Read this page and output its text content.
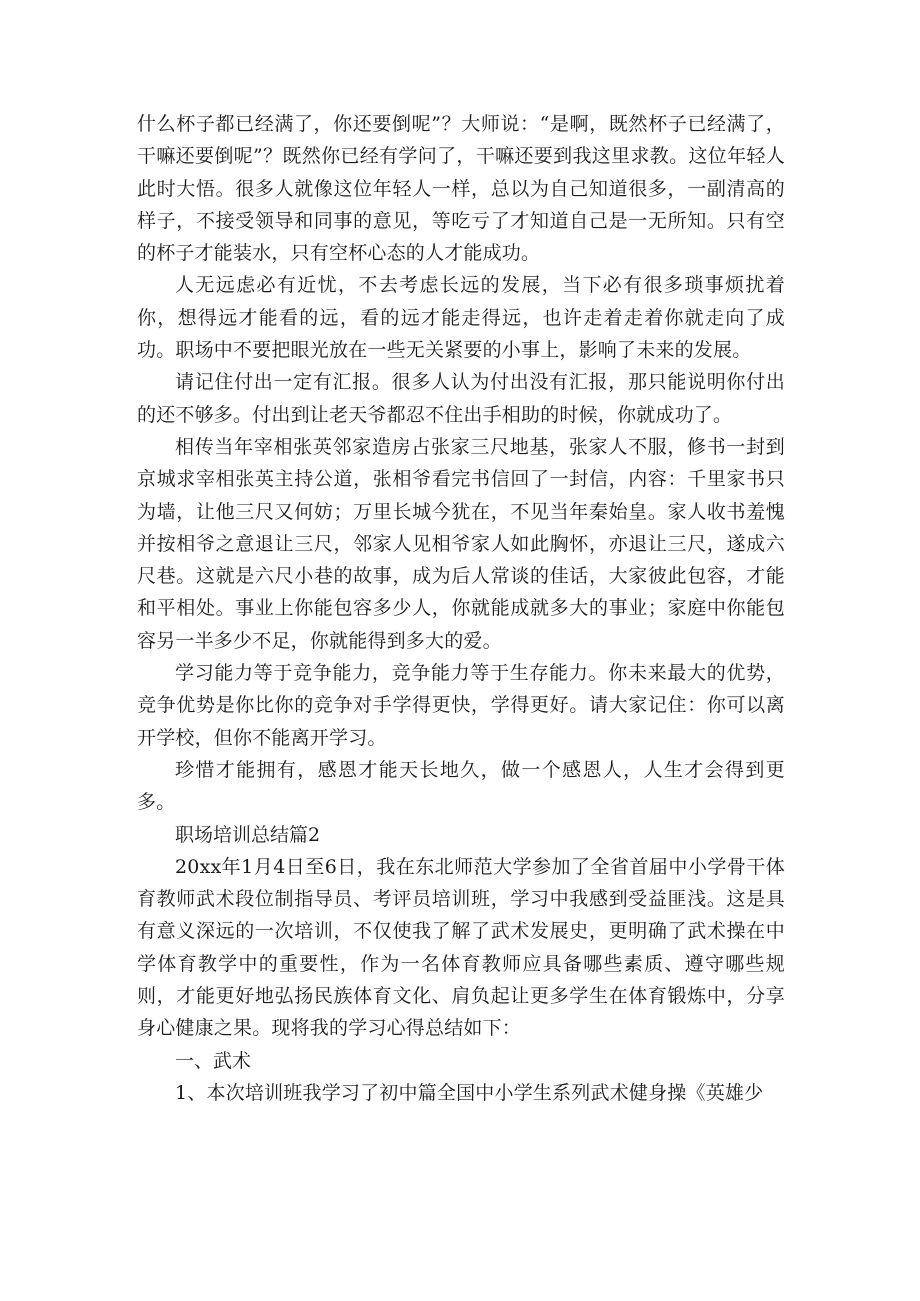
什么杯子都已经满了，你还要倒呢”？大师说：“是啊，既然杯子已经满了，干嘛还要倒呢”？既然你已经有学问了，干嘛还要到我这里求教。这位年轻人此时大悟。很多人就像这位年轻人一样，总以为自己知道很多，一副清高的样子，不接受领导和同事的意见，等吃亏了才知道自己是一无所知。只有空的杯子才能装水，只有空杯心态的人才能成功。

人无远虑必有近忧，不去考虑长远的发展，当下必有很多琐事烦扰着你，想得远才能看的远，看的远才能走得远，也许走着走着你就走向了成功。职场中不要把眼光放在一些无关紧要的小事上，影响了未来的发展。

请记住付出一定有汇报。很多人认为付出没有汇报，那只能说明你付出的还不够多。付出到让老天爷都忍不住出手相助的时候，你就成功了。

相传当年宰相张英邻家造房占张家三尺地基，张家人不服，修书一封到京城求宰相张英主持公道，张相爷看完书信回了一封信，内容：千里家书只为墙，让他三尺又何妨；万里长城今犹在，不见当年秦始皇。家人收书羞愧并按相爷之意退让三尺，邻家人见相爷家人如此胸怀，亦退让三尺，遂成六尺巷。这就是六尺小巷的故事，成为后人常谈的佳话，大家彼此包容，才能和平相处。事业上你能包容多少人，你就能成就多大的事业；家庭中你能包容另一半多少不足，你就能得到多大的爱。

学习能力等于竞争能力，竞争能力等于生存能力。你未来最大的优势，竞争优势是你比你的竞争对手学得更快，学得更好。请大家记住：你可以离开学校，但你不能离开学习。

珍惜才能拥有，感恩才能天长地久，做一个感恩人，人生才会得到更多。

职场培训总结篇2

20xx年1月4日至6日，我在东北师范大学参加了全省首届中小学骨干体育教师武术段位制指导员、考评员培训班，学习中我感到受益匪浅。这是具有意义深远的一次培训，不仅使我了解了武术发展史，更明确了武术操在中学体育教学中的重要性，作为一名体育教师应具备哪些素质、遵守哪些规则，才能更好地弘扬民族体育文化、肩负起让更多学生在体育锻炼中，分享身心健康之果。现将我的学习心得总结如下：

一、武术

1、本次培训班我学习了初中篇全国中小学生系列武术健身操《英雄少
